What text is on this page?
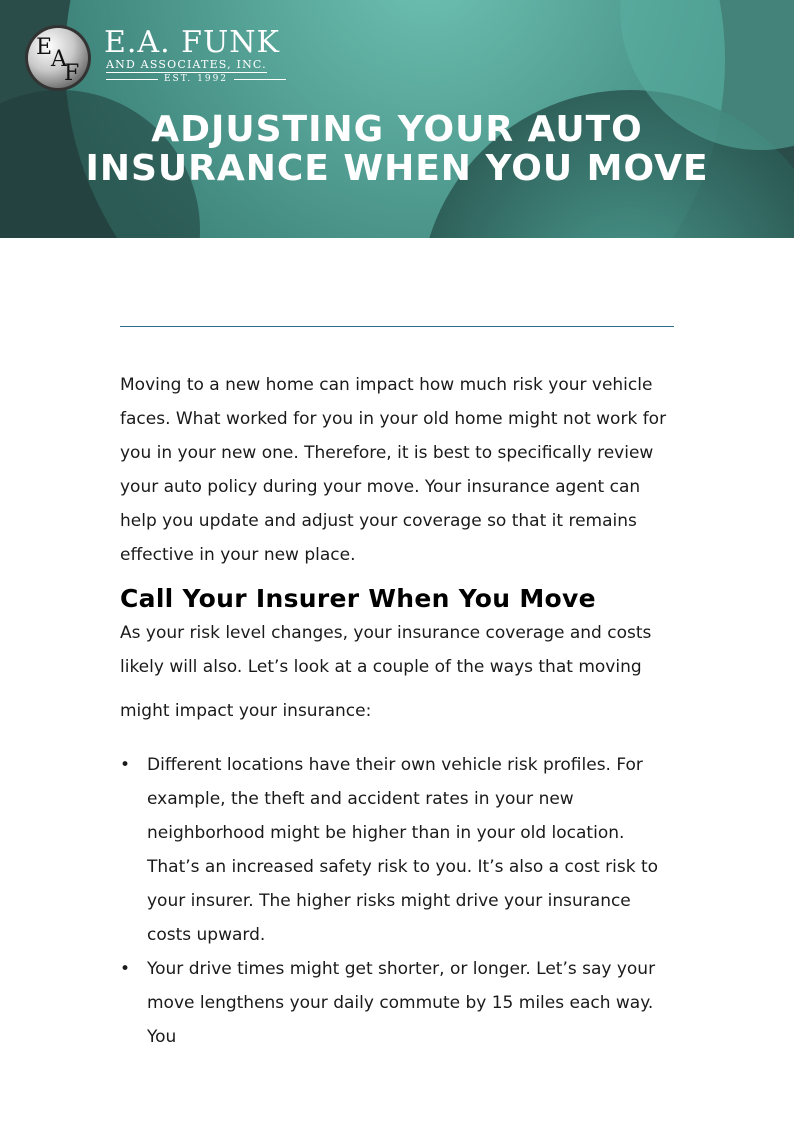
E
A
F
E.A. FUNK
AND ASSOCIATES, INC.
EST. 1992
ADJUSTING YOUR AUTO
INSURANCE WHEN YOU MOVE

Moving to a new home can impact how much risk your vehicle faces. What worked for you in your old home might not work for you in your new one. Therefore, it is best to specifically review your auto policy during your move. Your insurance agent can help you update and adjust your coverage so that it remains effective in your new place.

Call Your Insurer When You Move

As your risk level changes, your insurance coverage and costs likely will also. Let’s look at a couple of the ways that moving

might impact your insurance:

• Different locations have their own vehicle risk profiles. For example, the theft and accident rates in your new neighborhood might be higher than in your old location. That’s an increased safety risk to you. It’s also a cost risk to your insurer. The higher risks might drive your insurance costs upward.
• Your drive times might get shorter, or longer. Let’s say your move lengthens your daily commute by 15 miles each way. You
